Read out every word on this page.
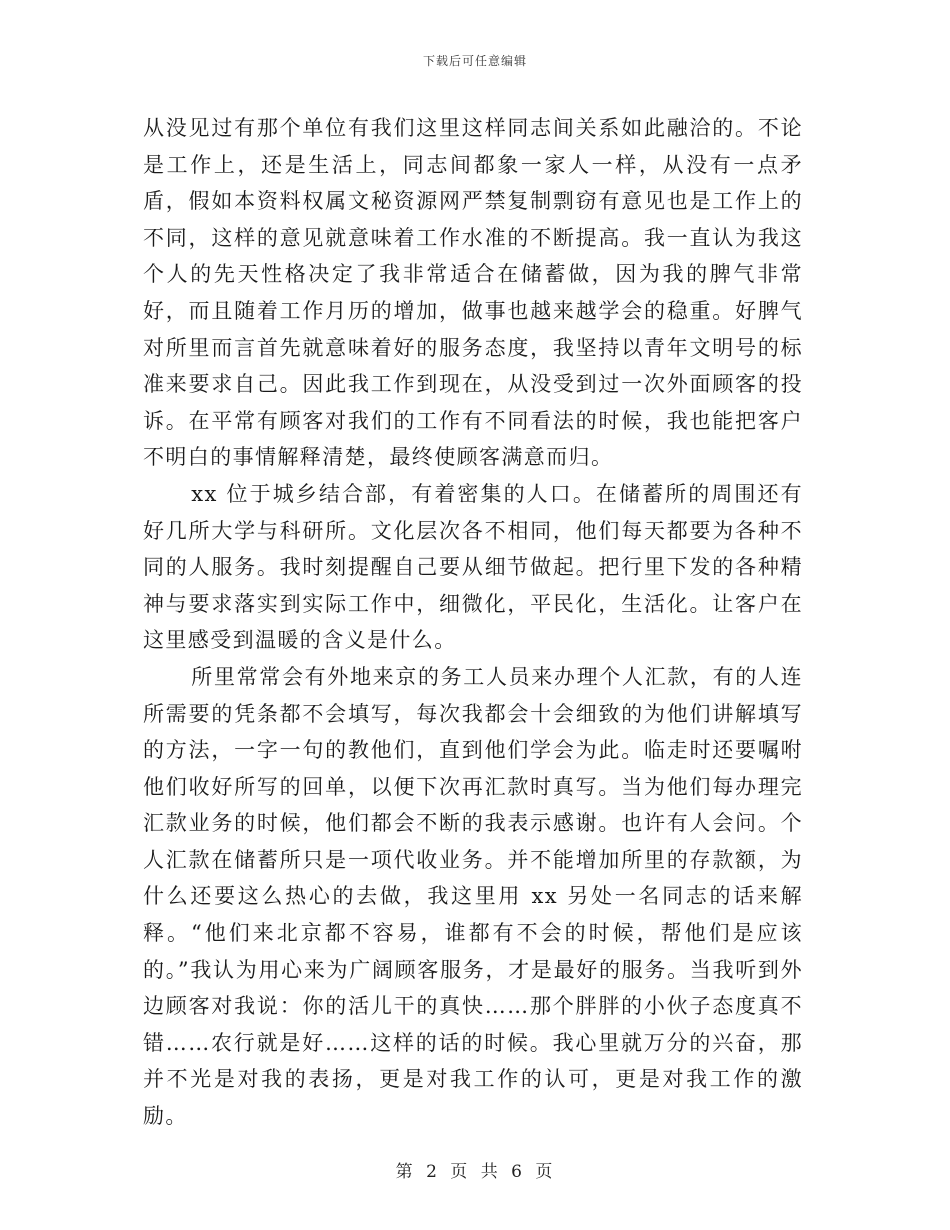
下载后可任意编辑

从没见过有那个单位有我们这里这样同志间关系如此融洽的。不论是工作上，还是生活上，同志间都象一家人一样，从没有一点矛盾，假如本资料权属文秘资源网严禁复制剽窃有意见也是工作上的不同，这样的意见就意味着工作水准的不断提高。我一直认为我这个人的先天性格决定了我非常适合在储蓄做，因为我的脾气非常好，而且随着工作月历的增加，做事也越来越学会的稳重。好脾气对所里而言首先就意味着好的服务态度，我坚持以青年文明号的标准来要求自己。因此我工作到现在，从没受到过一次外面顾客的投诉。在平常有顾客对我们的工作有不同看法的时候，我也能把客户不明白的事情解释清楚，最终使顾客满意而归。

xx 位于城乡结合部，有着密集的人口。在储蓄所的周围还有好几所大学与科研所。文化层次各不相同，他们每天都要为各种不同的人服务。我时刻提醒自己要从细节做起。把行里下发的各种精神与要求落实到实际工作中，细微化，平民化，生活化。让客户在这里感受到温暖的含义是什么。

所里常常会有外地来京的务工人员来办理个人汇款，有的人连所需要的凭条都不会填写，每次我都会十会细致的为他们讲解填写的方法，一字一句的教他们，直到他们学会为此。临走时还要嘱咐他们收好所写的回单，以便下次再汇款时真写。当为他们每办理完汇款业务的时候，他们都会不断的我表示感谢。也许有人会问。个人汇款在储蓄所只是一项代收业务。并不能增加所里的存款额，为什么还要这么热心的去做，我这里用 xx 另处一名同志的话来解释。“他们来北京都不容易，谁都有不会的时候，帮他们是应该的。”我认为用心来为广阔顾客服务，才是最好的服务。当我听到外边顾客对我说：你的活儿干的真快……那个胖胖的小伙子态度真不错……农行就是好……这样的话的时候。我心里就万分的兴奋，那并不光是对我的表扬，更是对我工作的认可，更是对我工作的激励。

第 2 页 共 6 页
